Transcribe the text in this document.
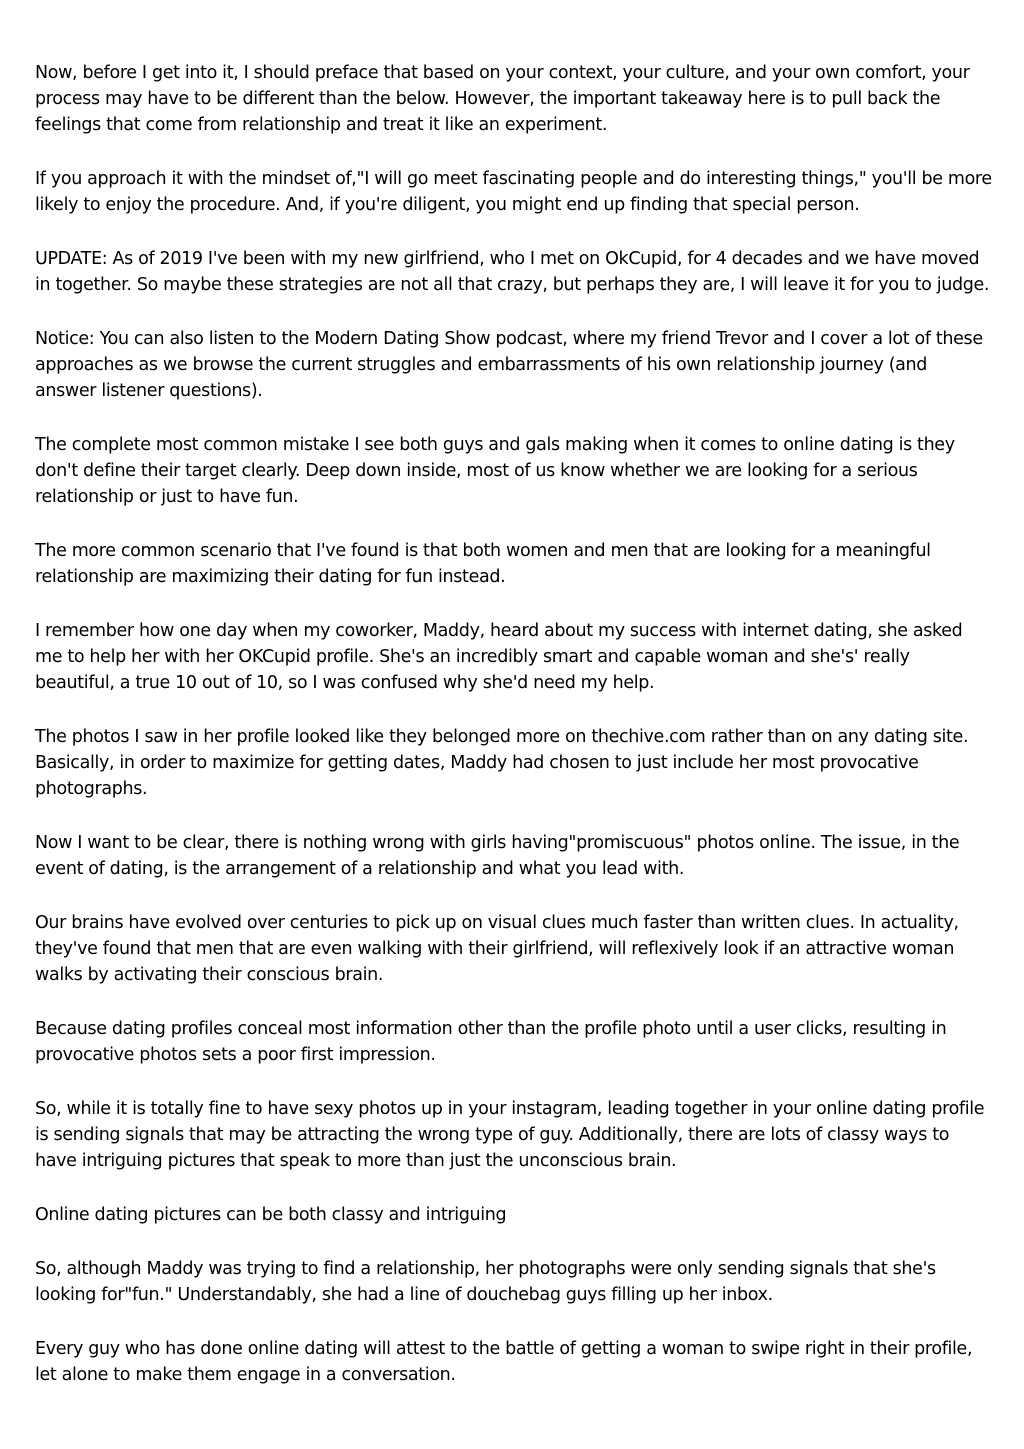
Now, before I get into it, I should preface that based on your context, your culture, and your own comfort, your process may have to be different than the below. However, the important takeaway here is to pull back the feelings that come from relationship and treat it like an experiment.

If you approach it with the mindset of,"I will go meet fascinating people and do interesting things," you'll be more likely to enjoy the procedure. And, if you're diligent, you might end up finding that special person.

UPDATE: As of 2019 I've been with my new girlfriend, who I met on OkCupid, for 4 decades and we have moved in together. So maybe these strategies are not all that crazy, but perhaps they are, I will leave it for you to judge.

Notice: You can also listen to the Modern Dating Show podcast, where my friend Trevor and I cover a lot of these approaches as we browse the current struggles and embarrassments of his own relationship journey (and answer listener questions).

The complete most common mistake I see both guys and gals making when it comes to online dating is they don't define their target clearly. Deep down inside, most of us know whether we are looking for a serious relationship or just to have fun.

The more common scenario that I've found is that both women and men that are looking for a meaningful relationship are maximizing their dating for fun instead.

I remember how one day when my coworker, Maddy, heard about my success with internet dating, she asked me to help her with her OKCupid profile. She's an incredibly smart and capable woman and she's' really beautiful, a true 10 out of 10, so I was confused why she'd need my help.

The photos I saw in her profile looked like they belonged more on thechive.com rather than on any dating site. Basically, in order to maximize for getting dates, Maddy had chosen to just include her most provocative photographs.

Now I want to be clear, there is nothing wrong with girls having"promiscuous" photos online. The issue, in the event of dating, is the arrangement of a relationship and what you lead with.

Our brains have evolved over centuries to pick up on visual clues much faster than written clues. In actuality, they've found that men that are even walking with their girlfriend, will reflexively look if an attractive woman walks by activating their conscious brain.

Because dating profiles conceal most information other than the profile photo until a user clicks, resulting in provocative photos sets a poor first impression.

So, while it is totally fine to have sexy photos up in your instagram, leading together in your online dating profile is sending signals that may be attracting the wrong type of guy. Additionally, there are lots of classy ways to have intriguing pictures that speak to more than just the unconscious brain.

Online dating pictures can be both classy and intriguing

So, although Maddy was trying to find a relationship, her photographs were only sending signals that she's looking for"fun." Understandably, she had a line of douchebag guys filling up her inbox.

Every guy who has done online dating will attest to the battle of getting a woman to swipe right in their profile, let alone to make them engage in a conversation.
